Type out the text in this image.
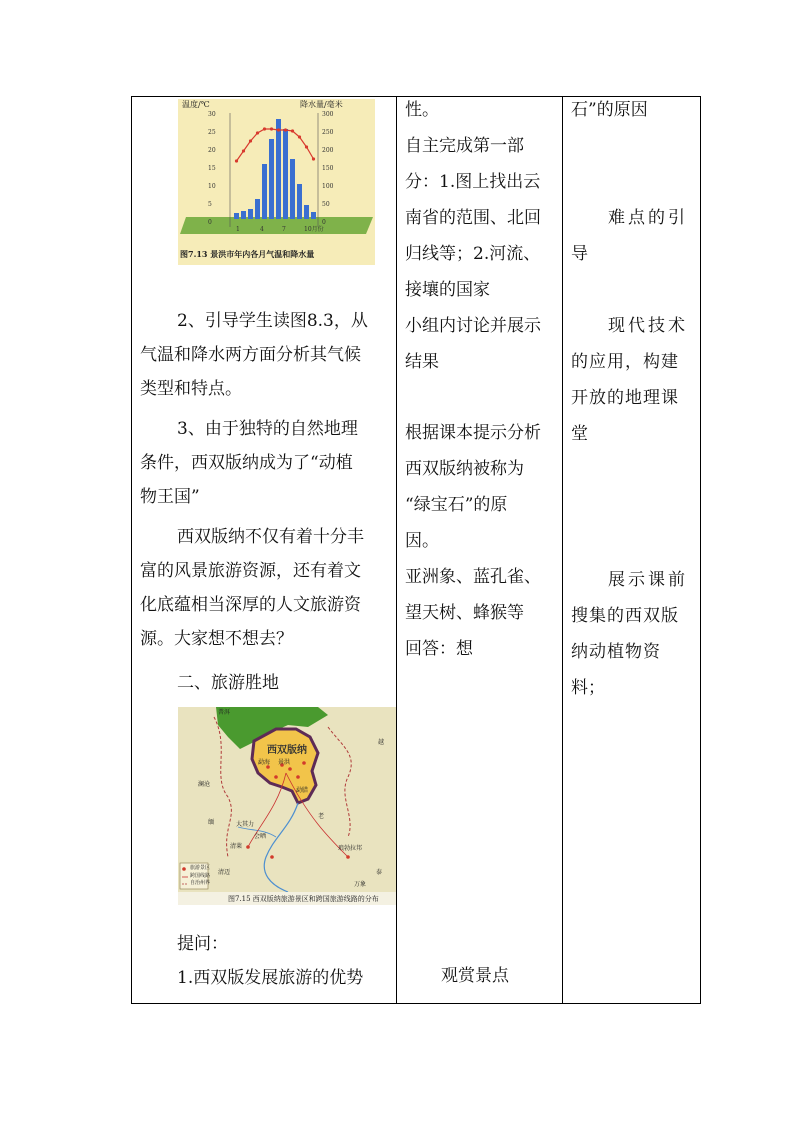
30
25
20
15
10
5
0
300
250
200
150
100
50
0
1	4	7	10月份
温度/℃	降水量/毫米
图7.13 景洪市年内各月气温和降水量
2、引导学生读图8.3，从
气温和降水两方面分析其气候
类型和特点。
3、由于独特的自然地理
条件，西双版纳成为了“动植
物王国”
西双版纳不仅有着十分丰
富的风景旅游资源，还有着文
化底蕴相当深厚的人文旅游资
源。大家想不想去？
二、旅游胜地
西双版纳
普洱
澜沧
勐海 景洪
勐腊
缅
老
越
泰
大其力
清莱
清迈
会晒
琅勃拉邦
万象
旅游景区
跨国线路
自治州界
图7.15 西双版纳旅游景区和跨国旅游线路的分布
提问：
1.西双版发展旅游的优势
性。
自主完成第一部
分：1.图上找出云
南省的范围、北回
归线等；2.河流、
接壤的国家
小组内讨论并展示
结果
根据课本提示分析
西双版纳被称为
“绿宝石”的原
因。
亚洲象、蓝孔雀、
望天树、蜂猴等
回答：想
观赏景点
石”的原因
难点的引
导
现代技术
的应用，构建
开放的地理课
堂
展示课前
搜集的西双版
纳动植物资
料；
